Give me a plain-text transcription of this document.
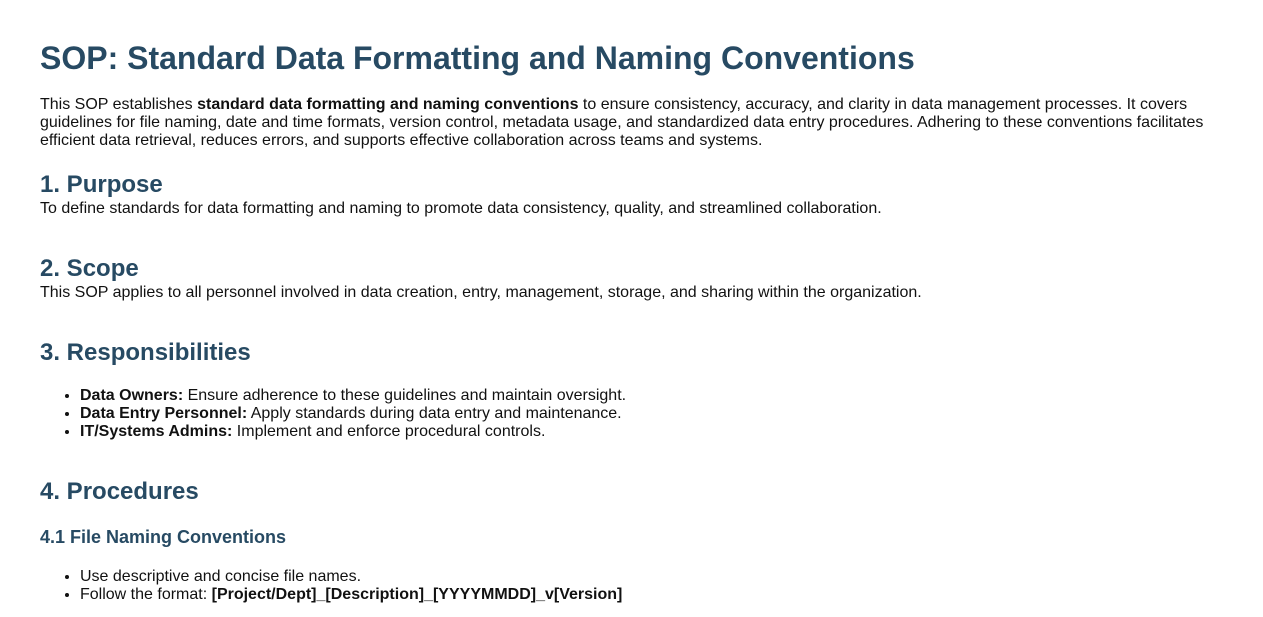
SOP: Standard Data Formatting and Naming Conventions

This SOP establishes standard data formatting and naming conventions to ensure consistency, accuracy, and clarity in data management processes. It covers guidelines for file naming, date and time formats, version control, metadata usage, and standardized data entry procedures. Adhering to these conventions facilitates efficient data retrieval, reduces errors, and supports effective collaboration across teams and systems.

1. Purpose

To define standards for data formatting and naming to promote data consistency, quality, and streamlined collaboration.

2. Scope

This SOP applies to all personnel involved in data creation, entry, management, storage, and sharing within the organization.

3. Responsibilities
• Data Owners: Ensure adherence to these guidelines and maintain oversight.
• Data Entry Personnel: Apply standards during data entry and maintenance.
• IT/Systems Admins: Implement and enforce procedural controls.
4. Procedures
4.1 File Naming Conventions
• Use descriptive and concise file names.
• Follow the format: [Project/Dept]_[Description]_[YYYYMMDD]_v[Version]
